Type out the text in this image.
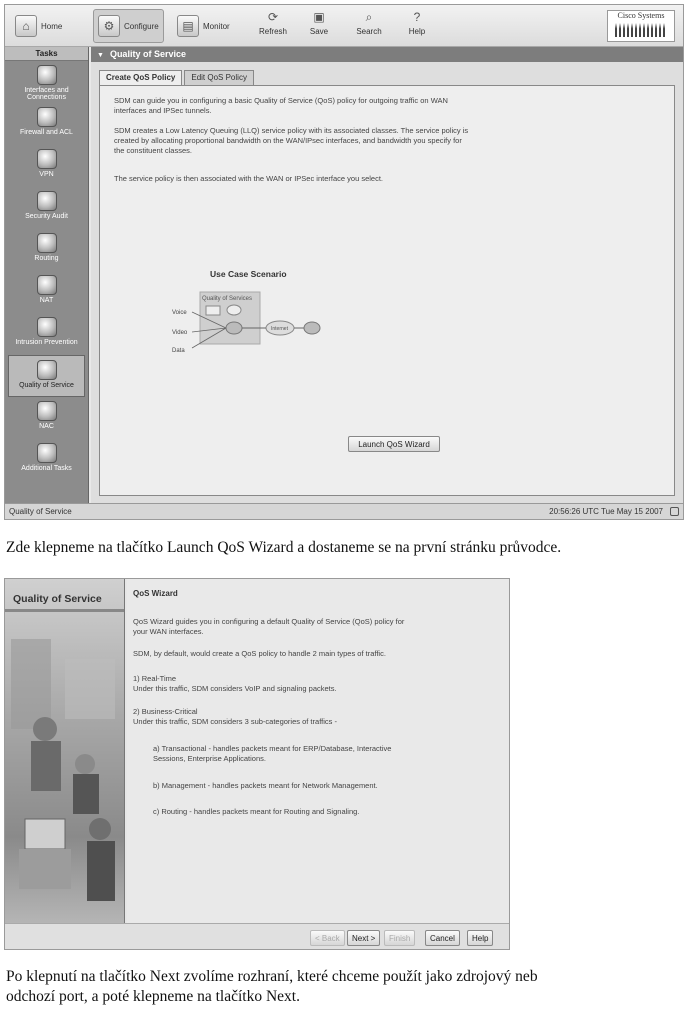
⌂	Home	⚙	Configure	▤	Monitor
⟳
Refresh
▣
Save
⌕
Search
?
Help
Cisco Systems
Tasks
Interfaces and Connections
Firewall and ACL
VPN
Security Audit
Routing
NAT
Intrusion Prevention
Quality of Service
NAC
Additional Tasks
▼ Quality of Service
Create QoS Policy	Edit QoS Policy
SDM can guide you in configuring a basic Quality of Service (QoS) policy for outgoing traffic on WAN interfaces and IPSec tunnels.
SDM creates a Low Latency Queuing (LLQ) service policy with its associated classes. The service policy is created by allocating proportional bandwidth on the WAN/IPsec interfaces, and bandwidth you specify for the constituent classes.
The service policy is then associated with the WAN or IPSec interface you select.
Use Case Scenario
Quality of Services
Internet
Voice
Video
Data
Launch QoS Wizard
Quality of Service	20:56:26 UTC Tue May 15 2007
Zde klepneme na tlačítko Launch QoS Wizard a dostaneme se na první stránku průvodce.
Quality of Service	QoS Wizard
QoS Wizard guides you in configuring a default Quality of Service (QoS) policy for
your WAN interfaces.
SDM, by default, would create a QoS policy to handle 2 main types of traffic.
1) Real-Time
Under this traffic, SDM considers VoIP and signaling packets.
2) Business-Critical
Under this traffic, SDM considers 3 sub-categories of traffics -
a) Transactional - handles packets meant for ERP/Database, Interactive
Sessions, Enterprise Applications.
b) Management - handles packets meant for Network Management.
c) Routing - handles packets meant for Routing and Signaling.
< Back	Next >	Finish	Cancel	Help
Po klepnutí na tlačítko Next zvolíme rozhraní, které chceme použít jako zdrojový neb
odchozí port, a poté klepneme na tlačítko Next.
